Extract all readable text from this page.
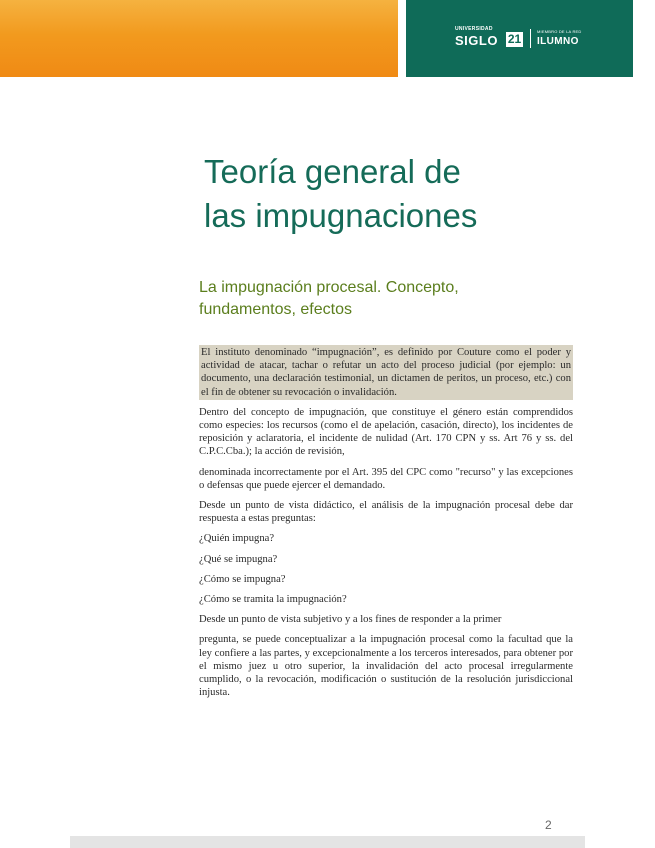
UNIVERSIDAD
SIGLO 21
MIEMBRO DE LA RED
ILUMNO
Teoría general de
las impugnaciones
La impugnación procesal. Concepto,
fundamentos, efectos

El instituto denominado “impugnación”, es definido por Couture como el poder y actividad de atacar, tachar o refutar un acto del proceso judicial (por ejemplo: un documento, una declaración testimonial, un dictamen de peritos, un proceso, etc.) con el fin de obtener su revocación o invalidación.

Dentro del concepto de impugnación, que constituye el género están comprendidos como especies: los recursos (como el de apelación, casación, directo), los incidentes de reposición y aclaratoria, el incidente de nulidad (Art. 170 CPN y ss. Art 76 y ss. del C.P.C.Cba.); la acción de revisión,

denominada incorrectamente por el Art. 395 del CPC como "recurso" y las excepciones o defensas que puede ejercer el demandado.

Desde un punto de vista didáctico, el análisis de la impugnación procesal debe dar respuesta a estas preguntas:

¿Quién impugna?

¿Qué se impugna?

¿Cómo se impugna?

¿Cómo se tramita la impugnación?

Desde un punto de vista subjetivo y a los fines de responder a la primer

pregunta, se puede conceptualizar a la impugnación procesal como la facultad que la ley confiere a las partes, y excepcionalmente a los terceros interesados, para obtener por el mismo juez u otro superior, la invalidación del acto procesal irregularmente cumplido, o la revocación, modificación o sustitución de la resolución jurisdiccional injusta.

2
